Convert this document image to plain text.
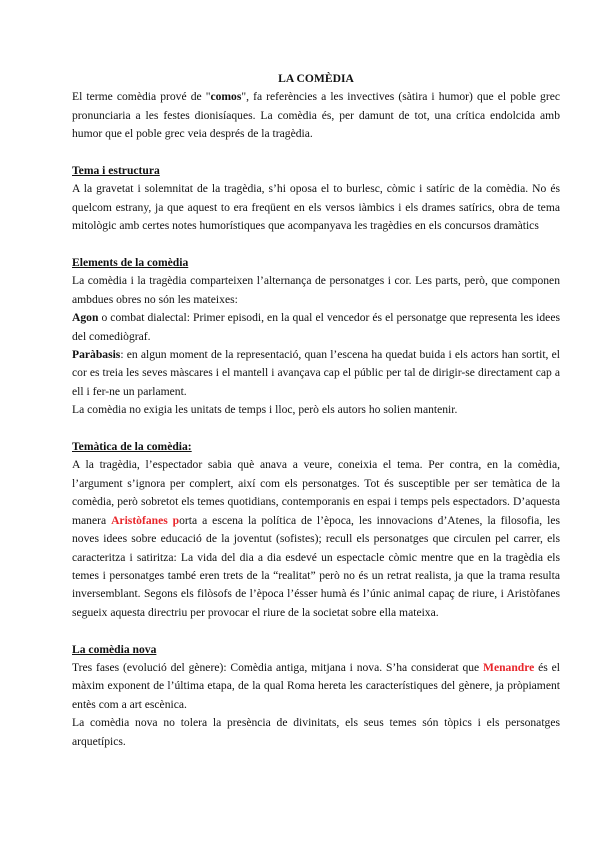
LA COMÈDIA

El terme comèdia prové de "comos", fa referències a les invectives (sàtira i humor) que el poble grec pronunciaria a les festes dionisíaques. La comèdia és, per damunt de tot, una crítica endolcida amb humor que el poble grec veia després de la tragèdia.

Tema i estructura

A la gravetat i solemnitat de la tragèdia, s’hi oposa el to burlesc, còmic i satíric de la comèdia. No és quelcom estrany, ja que aquest to era freqüent en els versos iàmbics i els drames satírics, obra de tema mitològic amb certes notes humorístiques que acompanyava les tragèdies en els concursos dramàtics

Elements de la comèdia

La comèdia i la tragèdia comparteixen l’alternança de personatges i cor. Les parts, però, que componen ambdues obres no són les mateixes:

Agon o combat dialectal: Primer episodi, en la qual el vencedor és el personatge que representa les idees del comediògraf.

Paràbasis: en algun moment de la representació, quan l’escena ha quedat buida i els actors han sortit, el cor es treia les seves màscares i el mantell i avançava cap el públic per tal de dirigir-se directament cap a ell i fer-ne un parlament.

La comèdia no exigia les unitats de temps i lloc, però els autors ho solien mantenir.

Temàtica de la comèdia:

A la tragèdia, l’espectador sabia què anava a veure, coneixia el tema. Per contra, en la comèdia, l’argument s’ignora per complert, així com els personatges. Tot és susceptible per ser temàtica de la comèdia, però sobretot els temes quotidians, contemporanis en espai i temps pels espectadors. D’aquesta manera Aristòfanes porta a escena la política de l’època, les innovacions d’Atenes, la filosofia, les noves idees sobre educació de la joventut (sofistes); recull els personatges que circulen pel carrer, els caracteritza i satiritza: La vida del dia a dia esdevé un espectacle còmic mentre que en la tragèdia els temes i personatges també eren trets de la “realitat” però no és un retrat realista, ja que la trama resulta inversemblant. Segons els filòsofs de l’època l’ésser humà és l’únic animal capaç de riure, i Aristòfanes segueix aquesta directriu per provocar el riure de la societat sobre ella mateixa.

La comèdia nova

Tres fases (evolució del gènere): Comèdia antiga, mitjana i nova. S’ha considerat que Menandre és el màxim exponent de l’última etapa, de la qual Roma hereta les característiques del gènere, ja pròpiament entès com a art escènica.

La comèdia nova no tolera la presència de divinitats, els seus temes són tòpics i els personatges arquetípics.
